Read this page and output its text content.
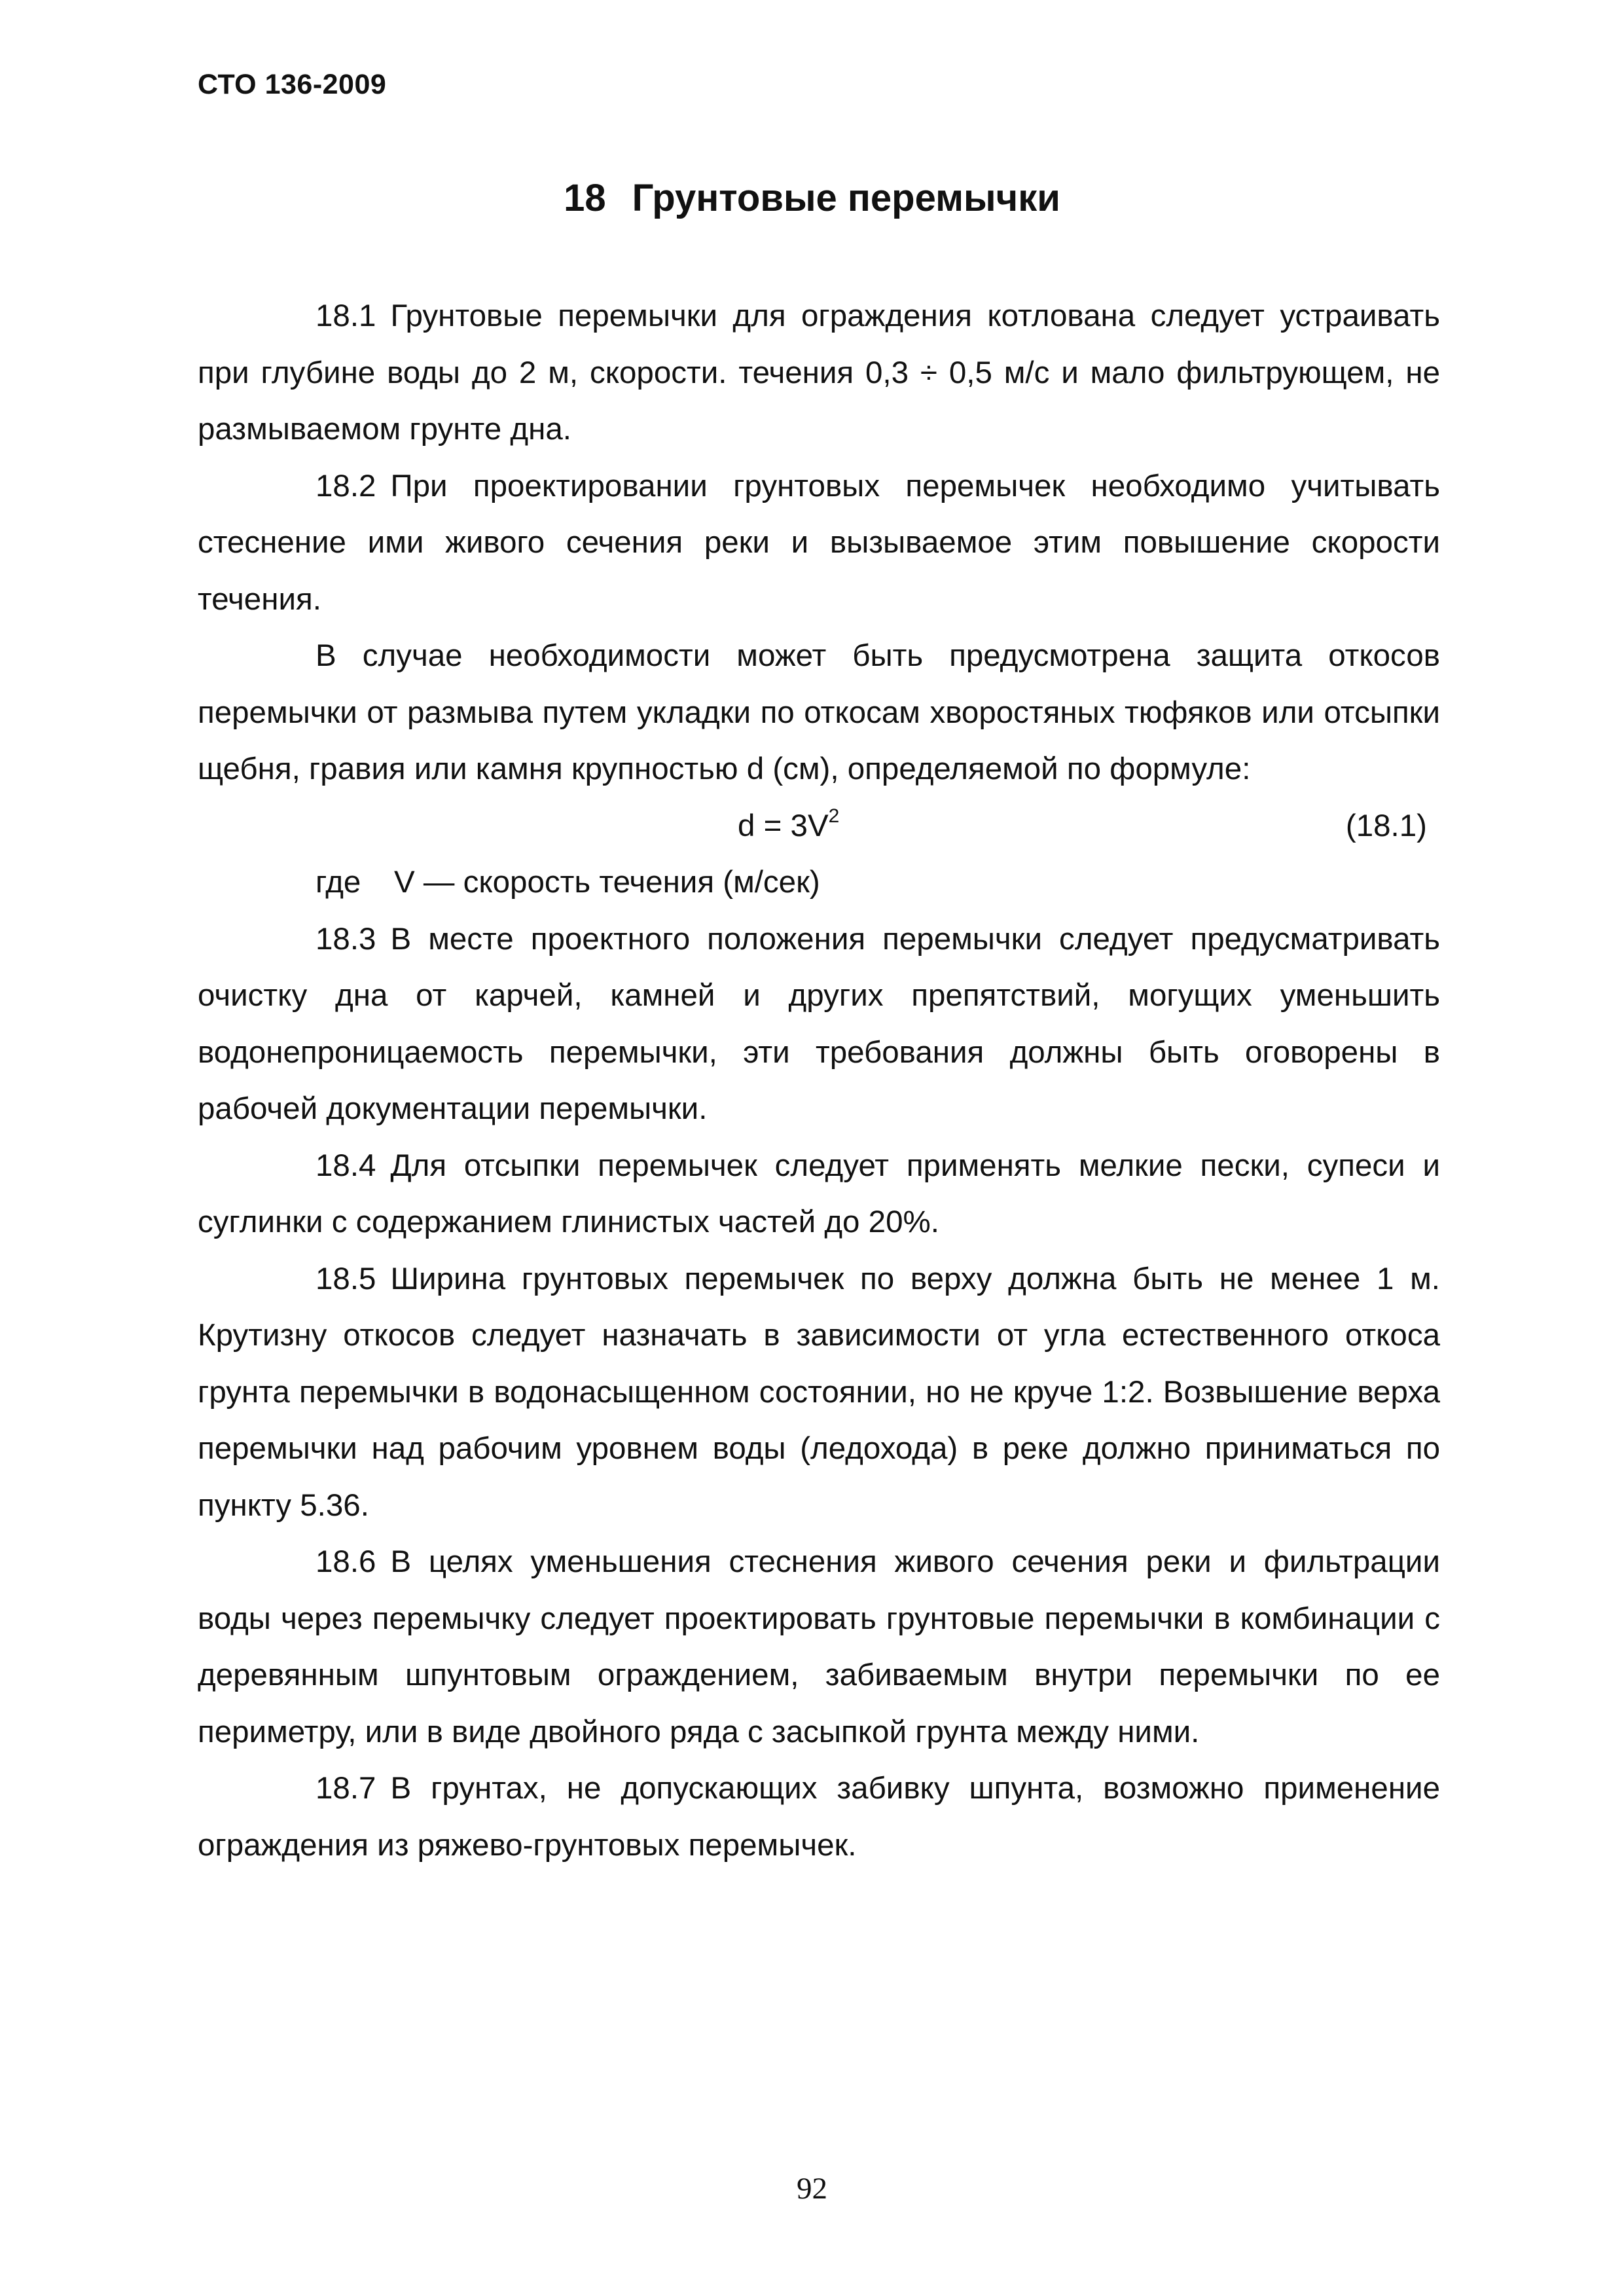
СТО 136-2009
18 Грунтовые перемычки

18.1 Грунтовые перемычки для ограждения котлована следует устраивать при глубине воды до 2 м, скорости. течения 0,3 ÷ 0,5 м/с и мало фильтрующем, не размываемом грунте дна.

18.2 При проектировании грунтовых перемычек необходимо учитывать стеснение ими живого сечения реки и вызываемое этим повышение скорости течения.

В случае необходимости может быть предусмотрена защита откосов перемычки от размыва путем укладки по откосам хворостяных тюфяков или отсыпки щебня, гравия или камня крупностью d (см), определяемой по формуле:

$d = 3V^2$	(18.1)

где V — скорость течения (м/сек)

18.3 В месте проектного положения перемычки следует предусматривать очистку дна от карчей, камней и других препятствий, могущих уменьшить водонепроницаемость перемычки, эти требования должны быть оговорены в рабочей документации перемычки.

18.4 Для отсыпки перемычек следует применять мелкие пески, супеси и суглинки с содержанием глинистых частей до 20%.

18.5 Ширина грунтовых перемычек по верху должна быть не менее 1 м. Крутизну откосов следует назначать в зависимости от угла естественного откоса грунта перемычки в водонасыщенном состоянии, но не круче 1:2. Возвышение верха перемычки над рабочим уровнем воды (ледохода) в реке должно приниматься по пункту 5.36.

18.6 В целях уменьшения стеснения живого сечения реки и фильтрации воды через перемычку следует проектировать грунтовые перемычки в комбинации с деревянным шпунтовым ограждением, забиваемым внутри перемычки по ее периметру, или в виде двойного ряда с засыпкой грунта между ними.

18.7 В грунтах, не допускающих забивку шпунта, возможно применение ограждения из ряжево-грунтовых перемычек.

92
